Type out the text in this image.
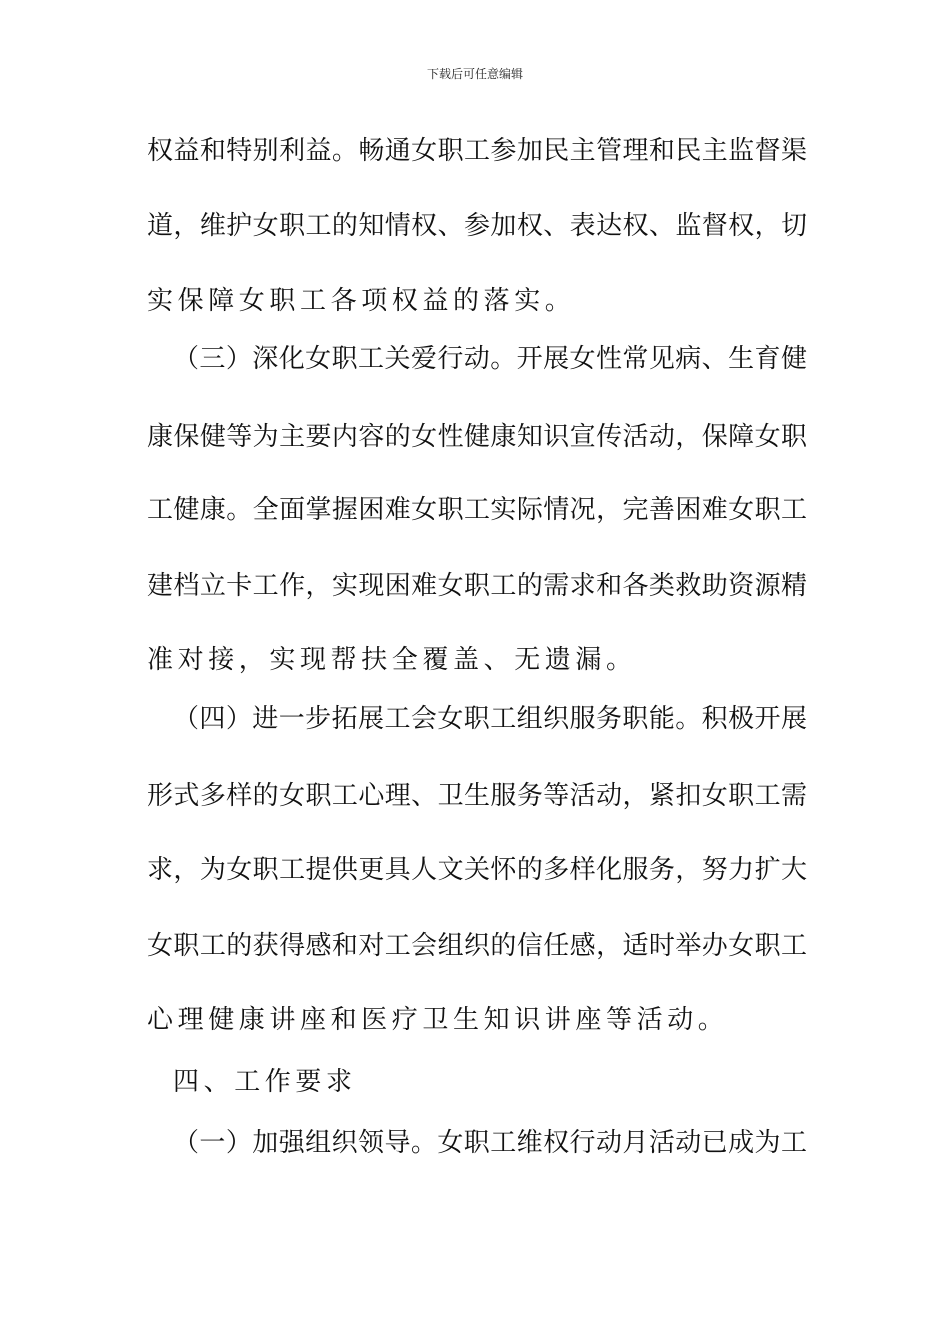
下载后可任意编辑
权益和特别利益。畅通女职工参加民主管理和民主监督渠
道，维护女职工的知情权、参加权、表达权、监督权，切
实保障女职工各项权益的落实。
（三）深化女职工关爱行动。开展女性常见病、生育健
康保健等为主要内容的女性健康知识宣传活动，保障女职
工健康。全面掌握困难女职工实际情况，完善困难女职工
建档立卡工作，实现困难女职工的需求和各类救助资源精
准对接，实现帮扶全覆盖、无遗漏。
（四）进一步拓展工会女职工组织服务职能。积极开展
形式多样的女职工心理、卫生服务等活动，紧扣女职工需
求，为女职工提供更具人文关怀的多样化服务，努力扩大
女职工的获得感和对工会组织的信任感，适时举办女职工
心理健康讲座和医疗卫生知识讲座等活动。
四、工作要求
（一）加强组织领导。女职工维权行动月活动已成为工
